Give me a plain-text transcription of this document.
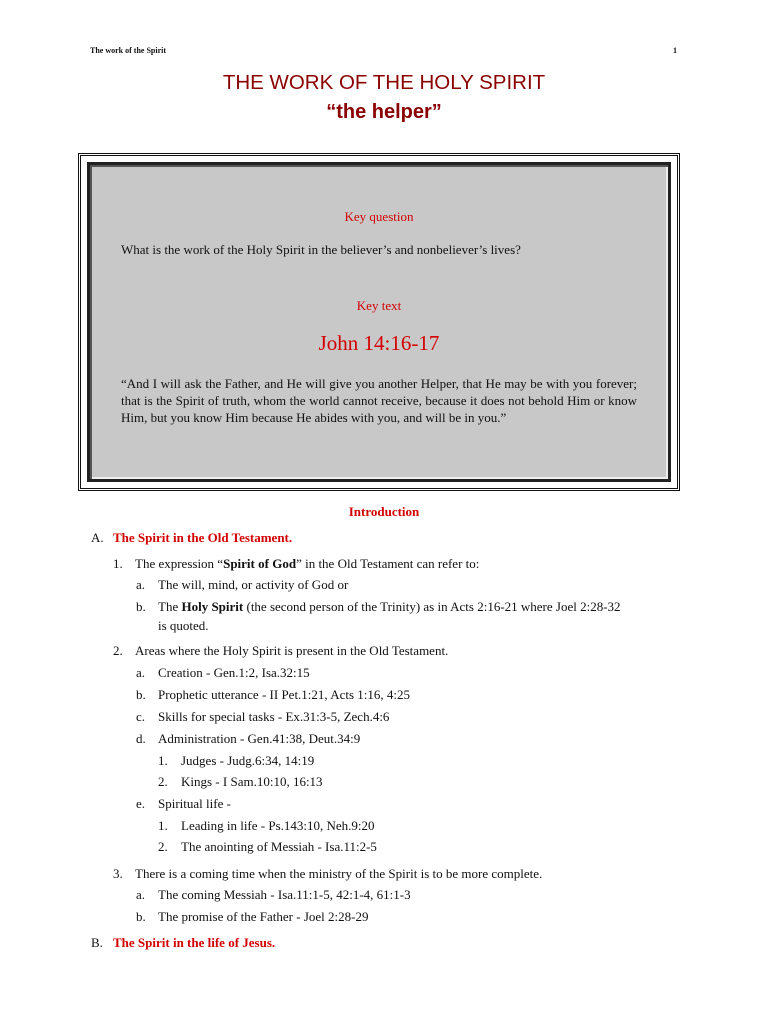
The work of the Spirit	1
THE WORK OF THE HOLY SPIRIT
“the helper”
Key question
What is the work of the Holy Spirit in the believer’s and nonbeliever’s lives?
Key text
John 14:16-17
“And I will ask the Father, and He will give you another Helper, that He may be with you forever; that is the Spirit of truth, whom the world cannot receive, because it does not behold Him or know Him, but you know Him because He abides with you, and will be in you.”
Introduction
A. The Spirit in the Old Testament.
1. The expression “Spirit of God” in the Old Testament can refer to:
a. The will, mind, or activity of God or
b. The Holy Spirit (the second person of the Trinity) as in Acts 2:16-21 where Joel 2:28-32
is quoted.
2. Areas where the Holy Spirit is present in the Old Testament.
a. Creation - Gen.1:2, Isa.32:15
b. Prophetic utterance - II Pet.1:21, Acts 1:16, 4:25
c. Skills for special tasks - Ex.31:3-5, Zech.4:6
d. Administration - Gen.41:38, Deut.34:9
1. Judges - Judg.6:34, 14:19
2. Kings - I Sam.10:10, 16:13
e. Spiritual life -
1. Leading in life - Ps.143:10, Neh.9:20
2. The anointing of Messiah - Isa.11:2-5
3. There is a coming time when the ministry of the Spirit is to be more complete.
a. The coming Messiah - Isa.11:1-5, 42:1-4, 61:1-3
b. The promise of the Father - Joel 2:28-29
B. The Spirit in the life of Jesus.
